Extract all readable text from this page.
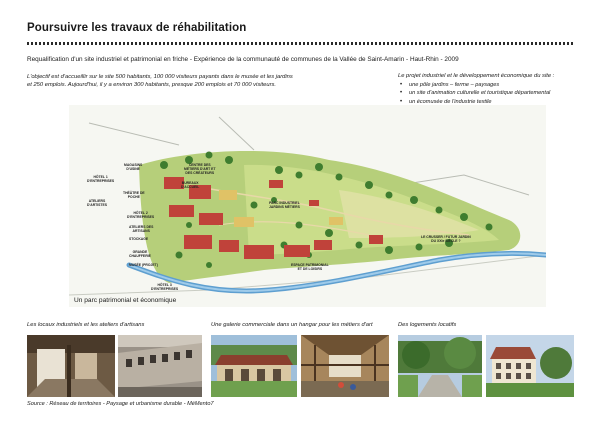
Poursuivre les travaux de réhabilitation
Requalification d'un site industriel et patrimonial en friche - Expérience de la communauté de communes de la Vallée de Saint-Amarin - Haut-Rhin - 2009
L'objectif est d'accueillir sur le site 500 habitants, 100 000 visiteurs payants dans le musée et les jardins et 250 emplois. Aujourd'hui, il y a environ 300 habitants, presque 200 emplois et 70 000 visiteurs.
Le projet industriel et le développement économique du site :
• une pôle jardins – ferme – paysages
• un site d'animation culturelle et touristique départemental
• un écomusée de l'industrie textile
•
•
•
•
MAGASINS
D'USINE
CENTRE DES
MÉTIERS D'ART ET
DES CRÉATEURS
HÔTEL 1
D'ENTREPRISES
THÉÂTRE DE
POCHE
ATELIERS
D'ARTISTES
HÔTEL 2
D'ENTREPRISES
ATELIERS DES
ARTISANS
STOCKAGE
GRANDE
CHAUFFERIE
MUSÉE (PROJET)
HÔTEL 3
D'ENTREPRISES
BUREAUX
D'ACCUEIL
PARC INDUSTRIEL
JARDINS MÉTIERS
ESPACE PATRIMONIAL
ET DE LOISIRS
LE CRUSSER / FUTUR JARDIN
DU XXIe SIÈCLE ?
Un parc patrimonial et économique
Les locaux industriels et les ateliers d'artisans	Une galerie commerciale dans un hangar pour les métiers d'art	Des logements locatifs
Source : Réseau de territoires - Paysage et urbanisme durable - MéMento7
